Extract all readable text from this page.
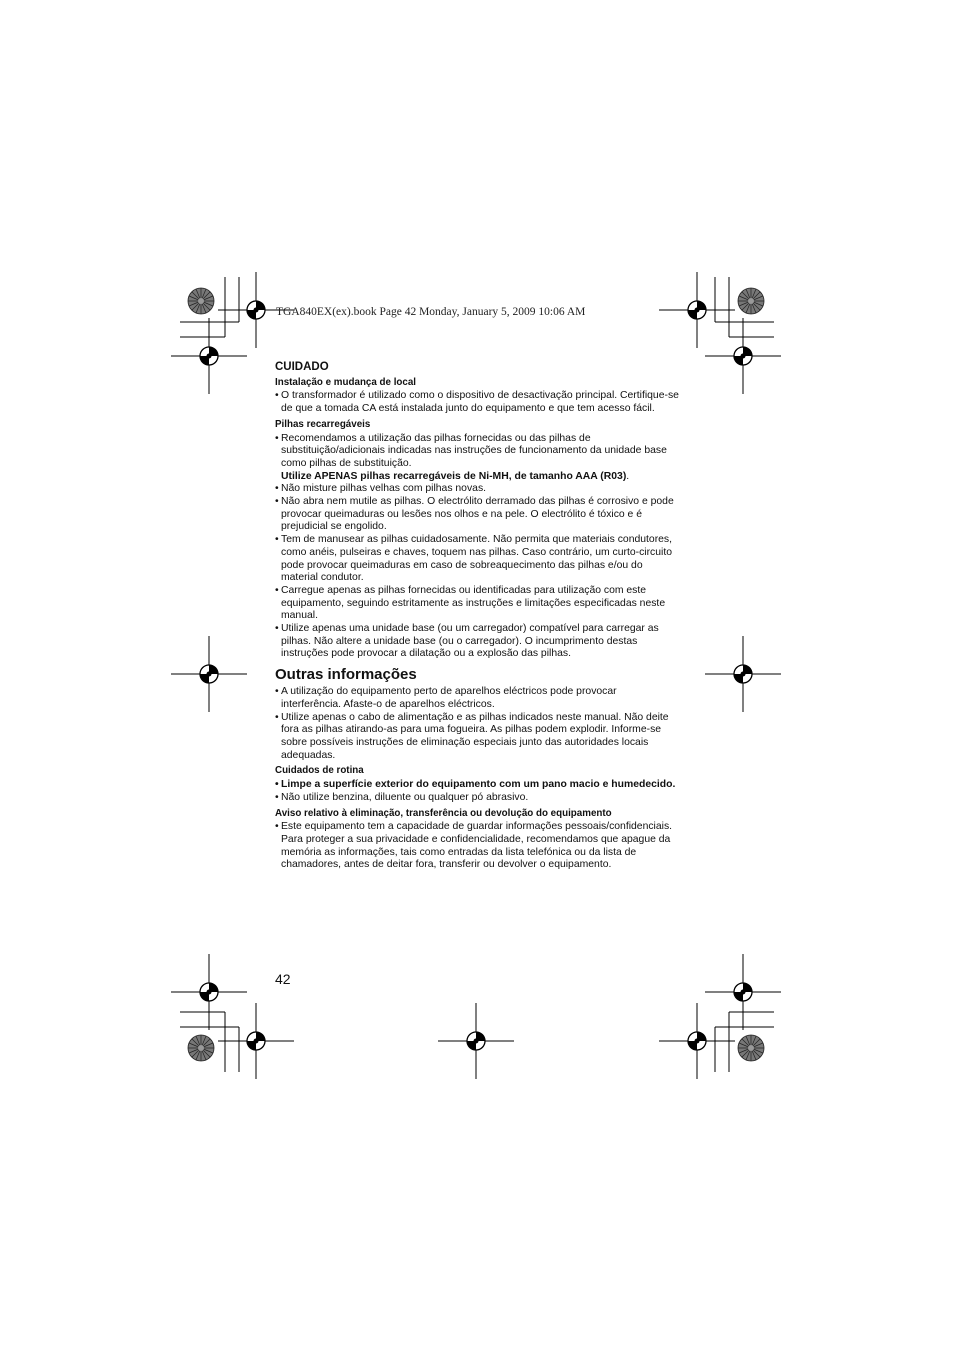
TGA840EX(ex).book Page 42 Monday, January 5, 2009 10:06 AM
CUIDADO
Instalação e mudança de local
• O transformador é utilizado como o dispositivo de desactivação principal. Certifique-se de que a tomada CA está instalada junto do equipamento e que tem acesso fácil.
Pilhas recarregáveis
• Recomendamos a utilização das pilhas fornecidas ou das pilhas de substituição/adicionais indicadas nas instruções de funcionamento da unidade base como pilhas de substituição.
Utilize APENAS pilhas recarregáveis de Ni-MH, de tamanho AAA (R03).
• Não misture pilhas velhas com pilhas novas.
• Não abra nem mutile as pilhas. O electrólito derramado das pilhas é corrosivo e pode provocar queimaduras ou lesões nos olhos e na pele. O electrólito é tóxico e é prejudicial se engolido.
• Tem de manusear as pilhas cuidadosamente. Não permita que materiais condutores, como anéis, pulseiras e chaves, toquem nas pilhas. Caso contrário, um curto-circuito pode provocar queimaduras em caso de sobreaquecimento das pilhas e/ou do material condutor.
• Carregue apenas as pilhas fornecidas ou identificadas para utilização com este equipamento, seguindo estritamente as instruções e limitações especificadas neste manual.
• Utilize apenas uma unidade base (ou um carregador) compatível para carregar as pilhas. Não altere a unidade base (ou o carregador). O incumprimento destas instruções pode provocar a dilatação ou a explosão das pilhas.
Outras informações
• A utilização do equipamento perto de aparelhos eléctricos pode provocar interferência. Afaste-o de aparelhos eléctricos.
• Utilize apenas o cabo de alimentação e as pilhas indicados neste manual. Não deite fora as pilhas atirando-as para uma fogueira. As pilhas podem explodir. Informe-se sobre possíveis instruções de eliminação especiais junto das autoridades locais adequadas.
Cuidados de rotina
• Limpe a superfície exterior do equipamento com um pano macio e humedecido.
• Não utilize benzina, diluente ou qualquer pó abrasivo.
Aviso relativo à eliminação, transferência ou devolução do equipamento
• Este equipamento tem a capacidade de guardar informações pessoais/confidenciais. Para proteger a sua privacidade e confidencialidade, recomendamos que apague da memória as informações, tais como entradas da lista telefónica ou da lista de chamadores, antes de deitar fora, transferir ou devolver o equipamento.
42
